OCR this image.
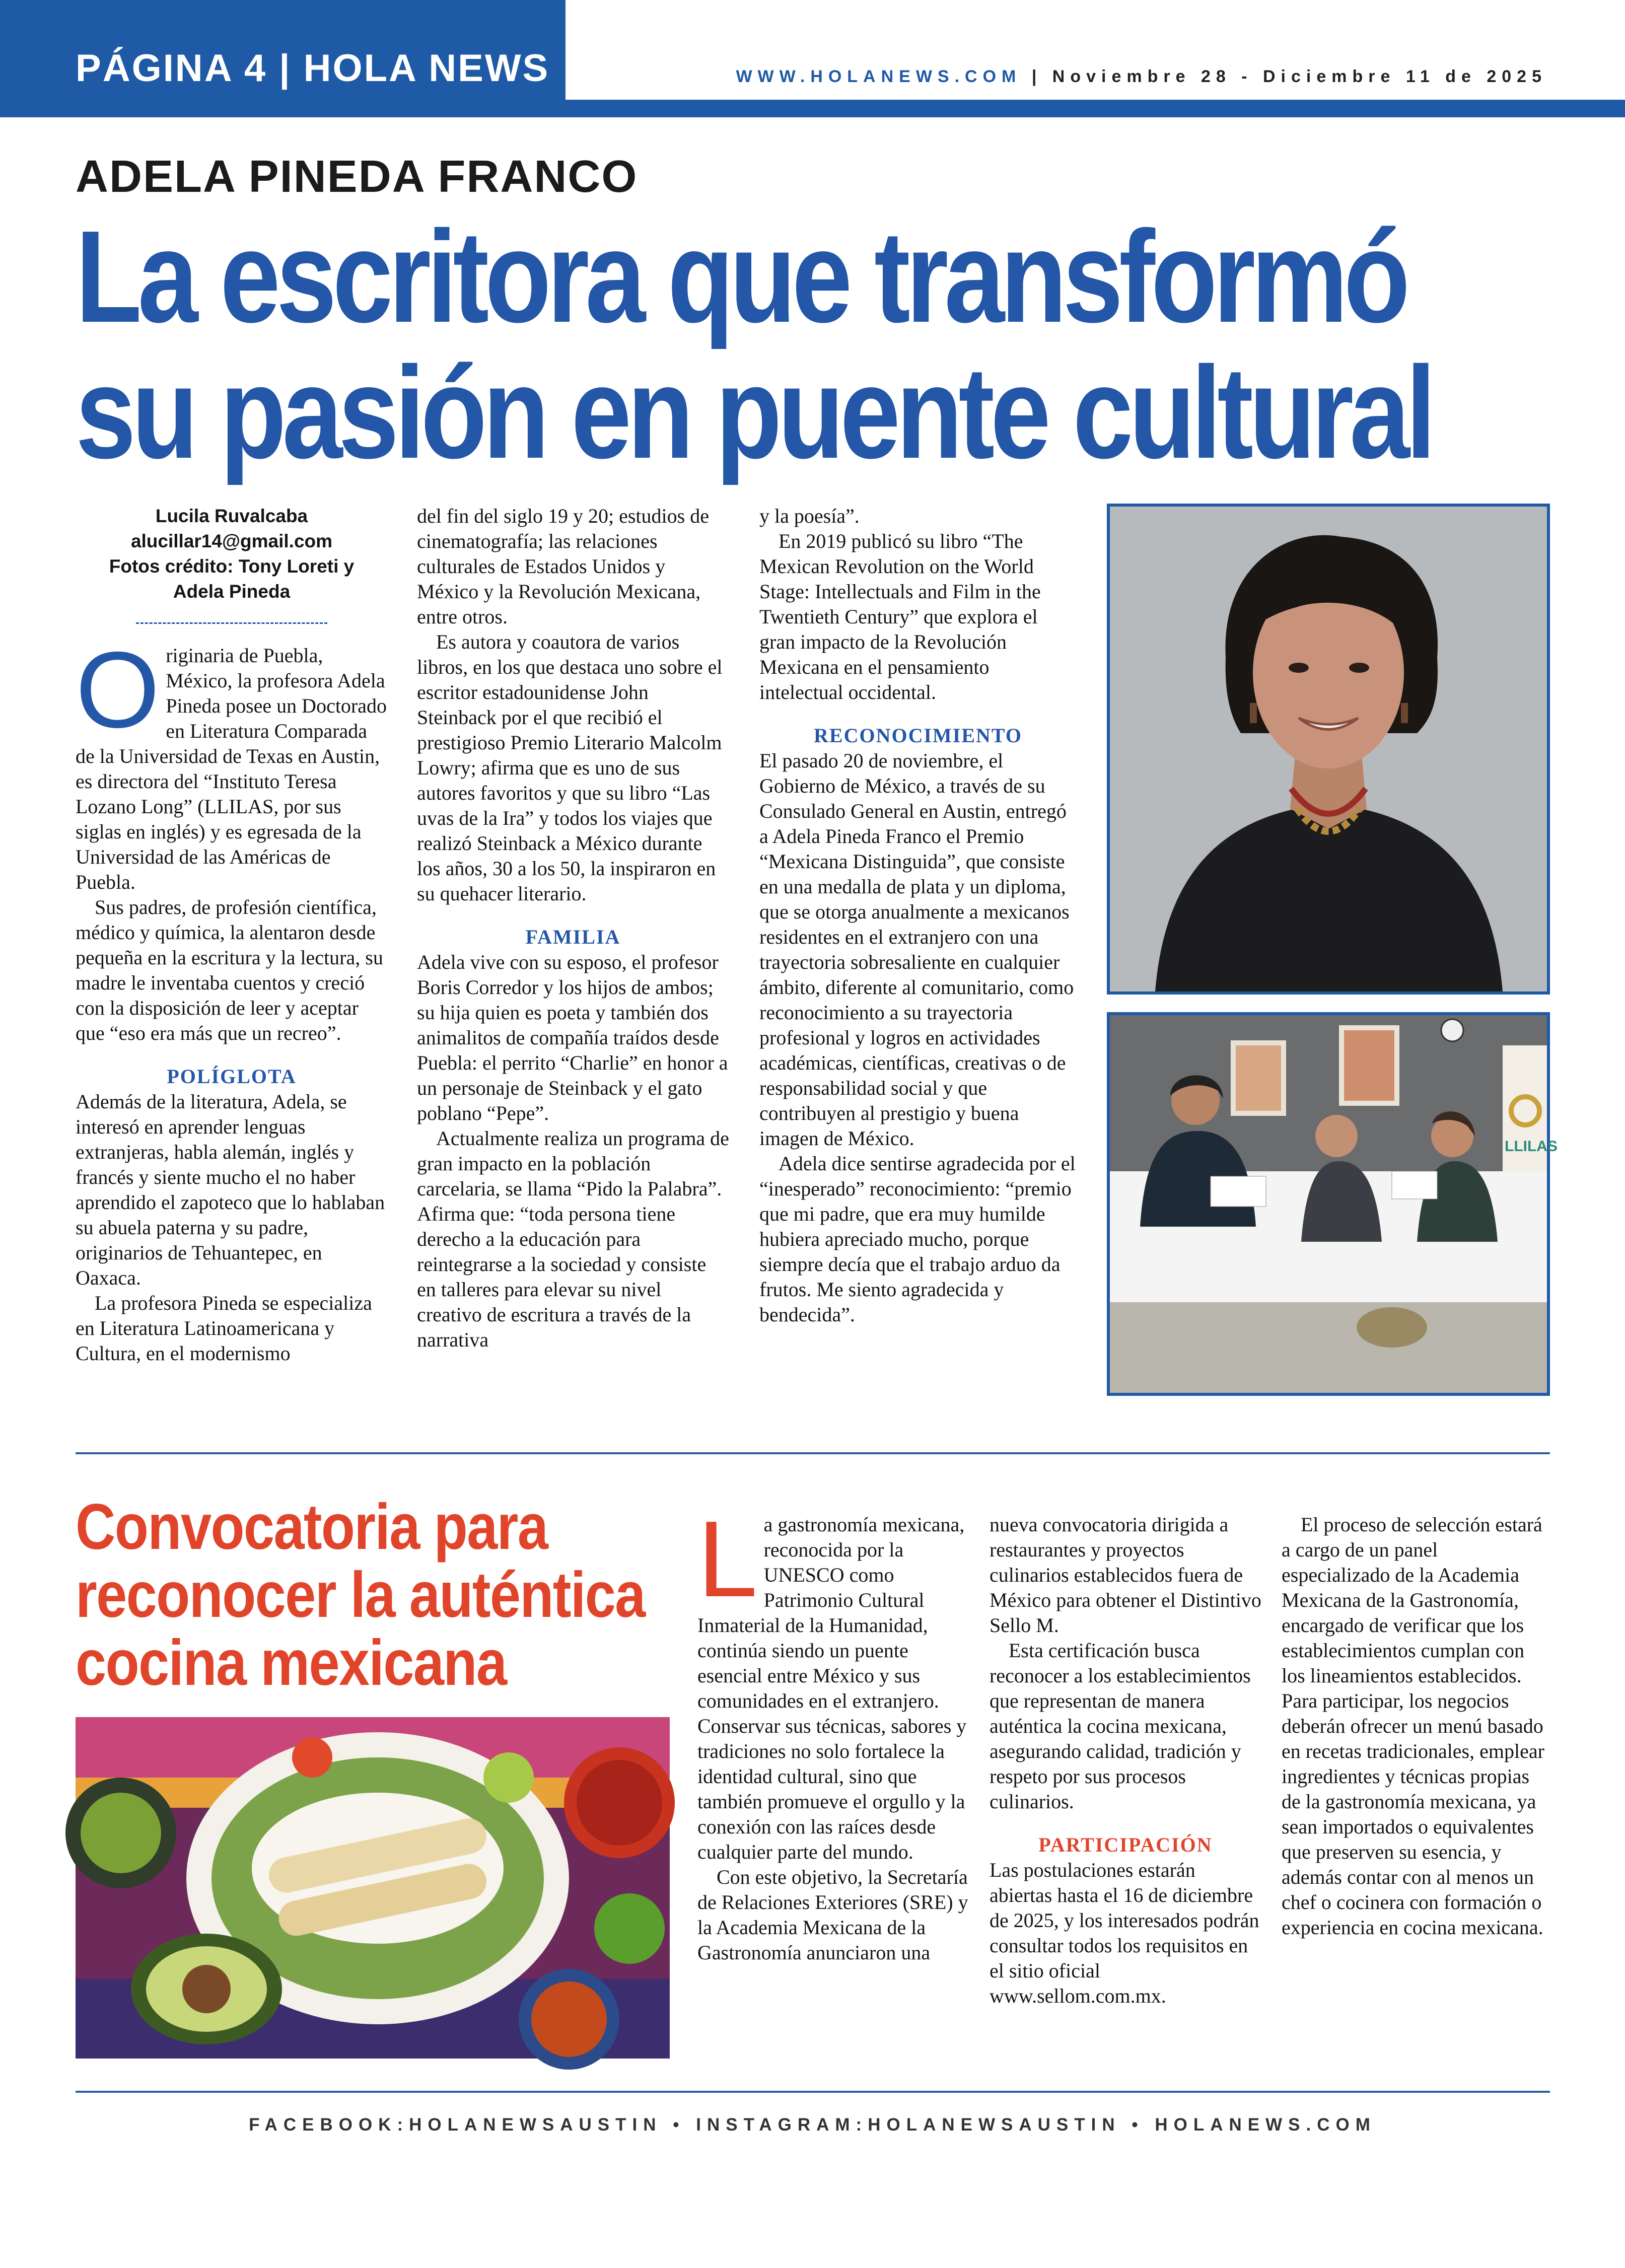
PÁGINA 4 | HOLA NEWS	WWW.HOLANEWS.COM | Noviembre 28 - Diciembre 11 de 2025
ADELA PINEDA FRANCO
La escritora que transformó
su pasión en puente cultural
Lucila Ruvalcaba
alucillar14@gmail.com
Fotos crédito: Tony Loreti y
Adela Pineda

Originaria de Puebla, México, la profesora Adela Pineda posee un Doctorado en Literatura Comparada de la Universidad de Texas en Austin, es directora del “Instituto Teresa Lozano Long” (LLILAS, por sus siglas en inglés) y es egresada de la Universidad de las Américas de Puebla.

Sus padres, de profesión científica, médico y química, la alentaron desde pequeña en la escritura y la lectura, su madre le inventaba cuentos y creció con la disposición de leer y aceptar que “eso era más que un recreo”.

POLÍGLOTA

Además de la literatura, Adela, se interesó en aprender lenguas extranjeras, habla alemán, inglés y francés y siente mucho el no haber aprendido el zapoteco que lo hablaban su abuela paterna y su padre, originarios de Tehuantepec, en Oaxaca.

La profesora Pineda se especializa en Literatura Latinoamericana y Cultura, en el modernismo

del fin del siglo 19 y 20; estudios de cinematografía; las relaciones culturales de Estados Unidos y México y la Revolución Mexicana, entre otros.

Es autora y coautora de varios libros, en los que destaca uno sobre el escritor estadounidense John Steinback por el que recibió el prestigioso Premio Literario Malcolm Lowry; afirma que es uno de sus autores favoritos y que su libro “Las uvas de la Ira” y todos los viajes que realizó Steinback a México durante los años, 30 a los 50, la inspiraron en su quehacer literario.

FAMILIA

Adela vive con su esposo, el profesor Boris Corredor y los hijos de ambos; su hija quien es poeta y también dos animalitos de compañía traídos desde Puebla: el perrito “Charlie” en honor a un personaje de Steinback y el gato poblano “Pepe”.

Actualmente realiza un programa de gran impacto en la población carcelaria, se llama “Pido la Palabra”. Afirma que: “toda persona tiene derecho a la educación para reintegrarse a la sociedad y consiste en talleres para elevar su nivel creativo de escritura a través de la narrativa

y la poesía”.

En 2019 publicó su libro “The Mexican Revolution on the World Stage: Intellectuals and Film in the Twentieth Century” que explora el gran impacto de la Revolución Mexicana en el pensamiento intelectual occidental.

RECONOCIMIENTO

El pasado 20 de noviembre, el Gobierno de México, a través de su Consulado General en Austin, entregó a Adela Pineda Franco el Premio “Mexicana Distinguida”, que consiste en una medalla de plata y un diploma, que se otorga anualmente a mexicanos residentes en el extranjero con una trayectoria sobresaliente en cualquier ámbito, diferente al comunitario, como reconocimiento a su trayectoria profesional y logros en actividades académicas, científicas, creativas o de responsabilidad social y que contribuyen al prestigio y buena imagen de México.

Adela dice sentirse agradecida por el “inesperado” reconocimiento: “premio que mi padre, que era muy humilde hubiera apreciado mucho, porque siempre decía que el trabajo arduo da frutos. Me siento agradecida y bendecida”.

LLILAS
Convocatoria para
reconocer la auténtica
cocina mexicana

La gastronomía mexicana, reconocida por la UNESCO como Patrimonio Cultural Inmaterial de la Humanidad, continúa siendo un puente esencial entre México y sus comunidades en el extranjero. Conservar sus técnicas, sabores y tradiciones no solo fortalece la identidad cultural, sino que también promueve el orgullo y la conexión con las raíces desde cualquier parte del mundo.

Con este objetivo, la Secretaría de Relaciones Exteriores (SRE) y la Academia Mexicana de la Gastronomía anunciaron una

nueva convocatoria dirigida a restaurantes y proyectos culinarios establecidos fuera de México para obtener el Distintivo Sello M.

Esta certificación busca reconocer a los establecimientos que representan de manera auténtica la cocina mexicana, asegurando calidad, tradición y respeto por sus procesos culinarios.

PARTICIPACIÓN

Las postulaciones estarán abiertas hasta el 16 de diciembre de 2025, y los interesados podrán consultar todos los requisitos en el sitio oficial www.sellom.com.mx.

El proceso de selección estará a cargo de un panel especializado de la Academia Mexicana de la Gastronomía, encargado de verificar que los establecimientos cumplan con los lineamientos establecidos. Para participar, los negocios deberán ofrecer un menú basado en recetas tradicionales, emplear ingredientes y técnicas propias de la gastronomía mexicana, ya sean importados o equivalentes que preserven su esencia, y además contar con al menos un chef o cocinera con formación o experiencia en cocina mexicana.

FACEBOOK:HOLANEWSAUSTIN • INSTAGRAM:HOLANEWSAUSTIN • HOLANEWS.COM
